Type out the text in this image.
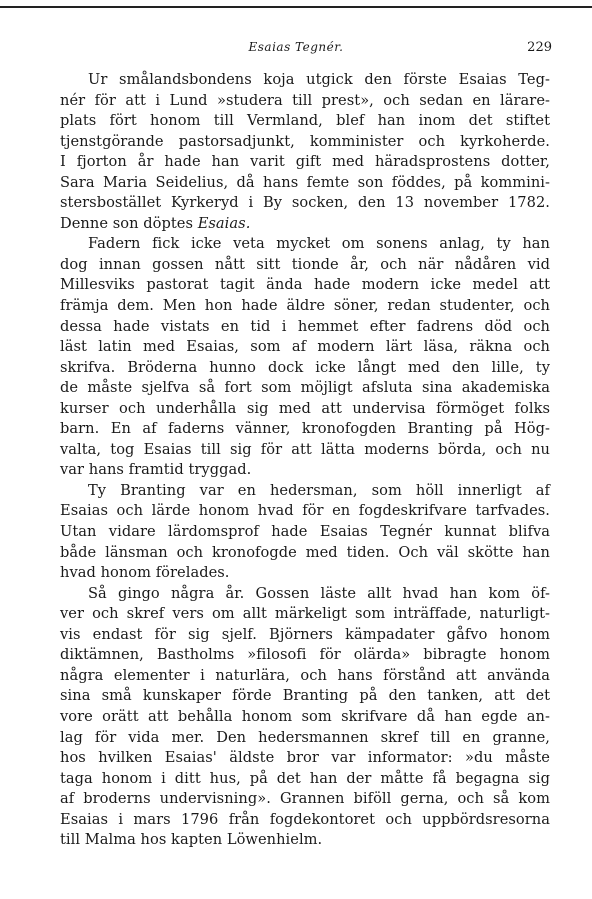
Esaias Tegnér.	229
Ur smålandsbondens koja utgick den förste Esaias Teg-
nér för att i Lund »studera till prest», och sedan en lärare-
plats fört honom till Vermland, blef han inom det stiftet
tjenstgörande pastorsadjunkt, komminister och kyrkoherde.
I fjorton år hade han varit gift med häradsprostens dotter,
Sara Maria Seidelius, då hans femte son föddes, på kommini-
stersbostället Kyrkeryd i By socken, den 13 november 1782.
Denne son döptes Esaias.
Fadern fick icke veta mycket om sonens anlag, ty han
dog innan gossen nått sitt tionde år, och när nådåren vid
Millesviks pastorat tagit ända hade modern icke medel att
främja dem. Men hon hade äldre söner, redan studenter, och
dessa hade vistats en tid i hemmet efter fadrens död och
läst latin med Esaias, som af modern lärt läsa, räkna och
skrifva. Bröderna hunno dock icke långt med den lille, ty
de måste sjelfva så fort som möjligt afsluta sina akademiska
kurser och underhålla sig med att undervisa förmöget folks
barn. En af faderns vänner, kronofogden Branting på Hög-
valta, tog Esaias till sig för att lätta moderns börda, och nu
var hans framtid tryggad.
Ty Branting var en hedersman, som höll innerligt af
Esaias och lärde honom hvad för en fogdeskrifvare tarfvades.
Utan vidare lärdomsprof hade Esaias Tegnér kunnat blifva
både länsman och kronofogde med tiden. Och väl skötte han
hvad honom förelades.
Så gingo några år. Gossen läste allt hvad han kom öf-
ver och skref vers om allt märkeligt som inträffade, naturligt-
vis endast för sig sjelf. Björners kämpadater gåfvo honom
diktämnen, Bastholms »filosofi för olärda» bibragte honom
några elementer i naturlära, och hans förstånd att använda
sina små kunskaper förde Branting på den tanken, att det
vore orätt att behålla honom som skrifvare då han egde an-
lag för vida mer. Den hedersmannen skref till en granne,
hos hvilken Esaias' äldste bror var informator: »du måste
taga honom i ditt hus, på det han der måtte få begagna sig
af broderns undervisning». Grannen biföll gerna, och så kom
Esaias i mars 1796 från fogdekontoret och uppbördsresorna
till Malma hos kapten Löwenhielm.
